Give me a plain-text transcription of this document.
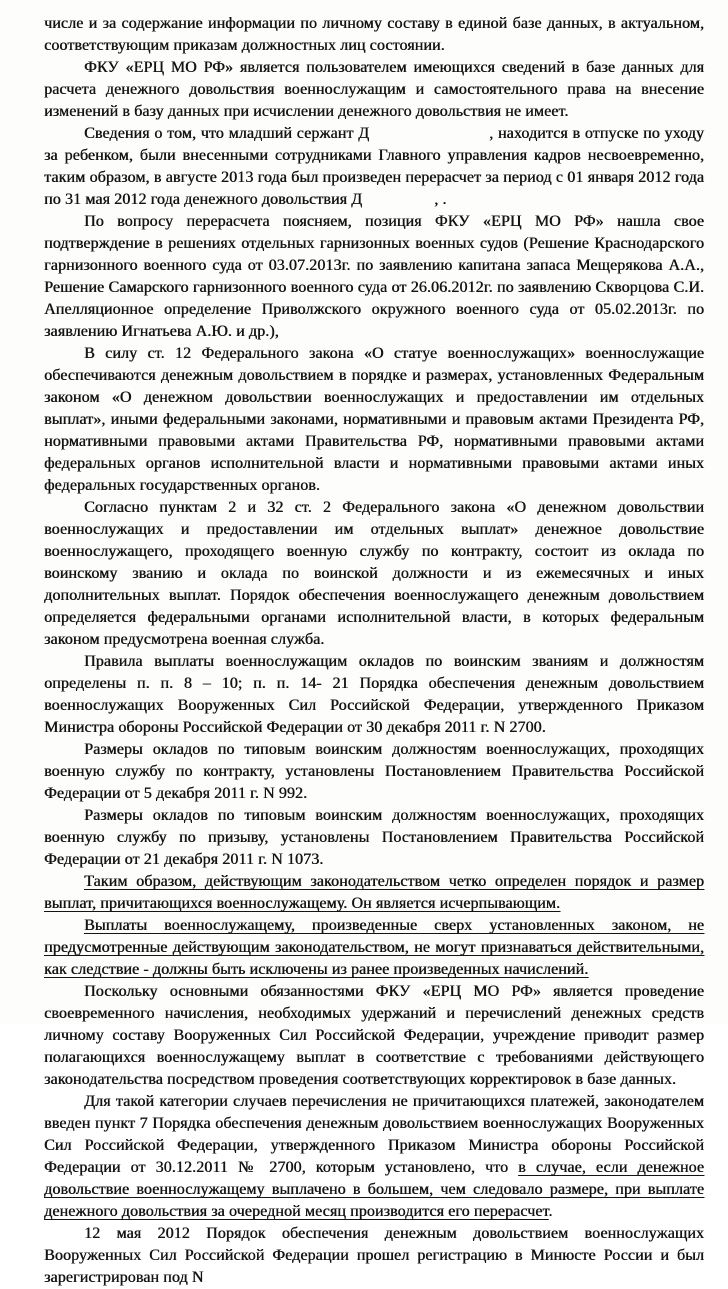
числе и за содержание информации по личному составу в единой базе данных, в актуальном, соответствующим приказам должностных лиц состоянии.

ФКУ «ЕРЦ МО РФ» является пользователем имеющихся сведений в базе данных для расчета денежного довольствия военнослужащим и самостоятельного права на внесение изменений в базу данных при исчислении денежного довольствия не имеет.

Сведения о том, что младший сержант Д	, находится в отпуске по уходу за ребенком, были внесенными сотрудниками Главного управления кадров несвоевременно, таким образом, в августе 2013 года был произведен перерасчет за период с 01 января 2012 года по 31 мая 2012 года денежного довольствия Д	, .

По вопросу перерасчета поясняем, позиция ФКУ «ЕРЦ МО РФ» нашла свое подтверждение в решениях отдельных гарнизонных военных судов (Решение Краснодарского гарнизонного военного суда от 03.07.2013г. по заявлению капитана запаса Мещерякова А.А., Решение Самарского гарнизонного военного суда от 26.06.2012г. по заявлению Скворцова С.И. Апелляционное определение Приволжского окружного военного суда от 05.02.2013г. по заявлению Игнатьева А.Ю. и др.),

В силу ст. 12 Федерального закона «О статуе военнослужащих» военнослужащие обеспечиваются денежным довольствием в порядке и размерах, установленных Федеральным законом «О денежном довольствии военнослужащих и предоставлении им отдельных выплат», иными федеральными законами, нормативными и правовым актами Президента РФ, нормативными правовыми актами Правительства РФ, нормативными правовыми актами федеральных органов исполнительной власти и нормативными правовыми актами иных федеральных государственных органов.

Согласно пунктам 2 и 32 ст. 2 Федерального закона «О денежном довольствии военнослужащих и предоставлении им отдельных выплат» денежное довольствие военнослужащего, проходящего военную службу по контракту, состоит из оклада по воинскому званию и оклада по воинской должности и из ежемесячных и иных дополнительных выплат. Порядок обеспечения военнослужащего денежным довольствием определяется федеральными органами исполнительной власти, в которых федеральным законом предусмотрена военная служба.

Правила выплаты военнослужащим окладов по воинским званиям и должностям определены п. п. 8 – 10; п. п. 14- 21 Порядка обеспечения денежным довольствием военнослужащих Вооруженных Сил Российской Федерации, утвержденного Приказом Министра обороны Российской Федерации от 30 декабря 2011 г. N 2700.

Размеры окладов по типовым воинским должностям военнослужащих, проходящих военную службу по контракту, установлены Постановлением Правительства Российской Федерации от 5 декабря 2011 г. N 992.

Размеры окладов по типовым воинским должностям военнослужащих, проходящих военную службу по призыву, установлены Постановлением Правительства Российской Федерации от 21 декабря 2011 г. N 1073.

Таким образом, действующим законодательством четко определен порядок и размер выплат, причитающихся военнослужащему. Он является исчерпывающим.

Выплаты военнослужащему, произведенные сверх установленных законом, не предусмотренные действующим законодательством, не могут признаваться действительными, как следствие - должны быть исключены из ранее произведенных начислений.

Поскольку основными обязанностями ФКУ «ЕРЦ МО РФ» является проведение своевременного начисления, необходимых удержаний и перечислений денежных средств личному составу Вооруженных Сил Российской Федерации, учреждение приводит размер полагающихся военнослужащему выплат в соответствие с требованиями действующего законодательства посредством проведения соответствующих корректировок в базе данных.

Для такой категории случаев перечисления не причитающихся платежей, законодателем введен пункт 7 Порядка обеспечения денежным довольствием военнослужащих Вооруженных Сил Российской Федерации, утвержденного Приказом Министра обороны Российской Федерации от 30.12.2011 № 2700, которым установлено, что в случае, если денежное довольствие военнослужащему выплачено в большем, чем следовало размере, при выплате денежного довольствия за очередной месяц производится его перерасчет.

12 мая 2012 Порядок обеспечения денежным довольствием военнослужащих Вооруженных Сил Российской Федерации прошел регистрацию в Минюсте России и был зарегистрирован под N
